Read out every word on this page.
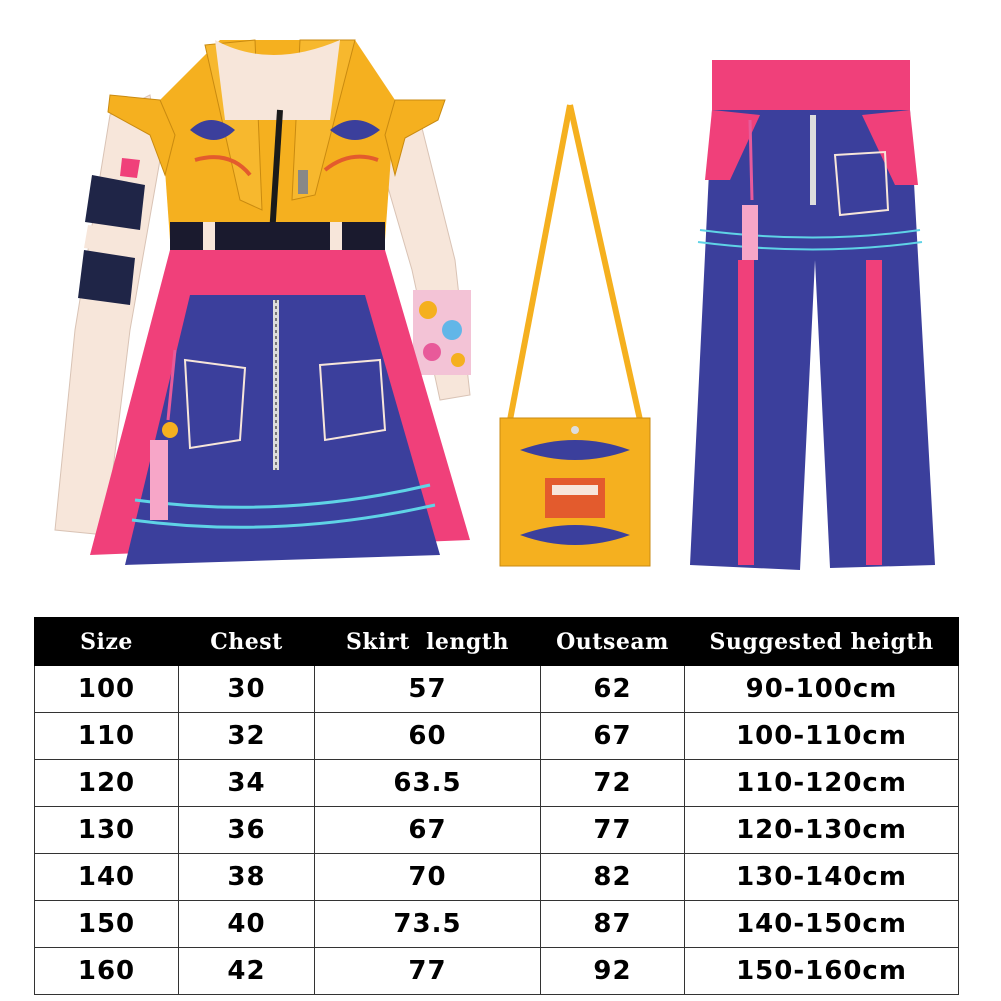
Size	Chest	Skirt  length	Outseam	Suggested heigth
100	30	57	62	90-100cm
110	32	60	67	100-110cm
120	34	63.5	72	110-120cm
130	36	67	77	120-130cm
140	38	70	82	130-140cm
150	40	73.5	87	140-150cm
160	42	77	92	150-160cm
